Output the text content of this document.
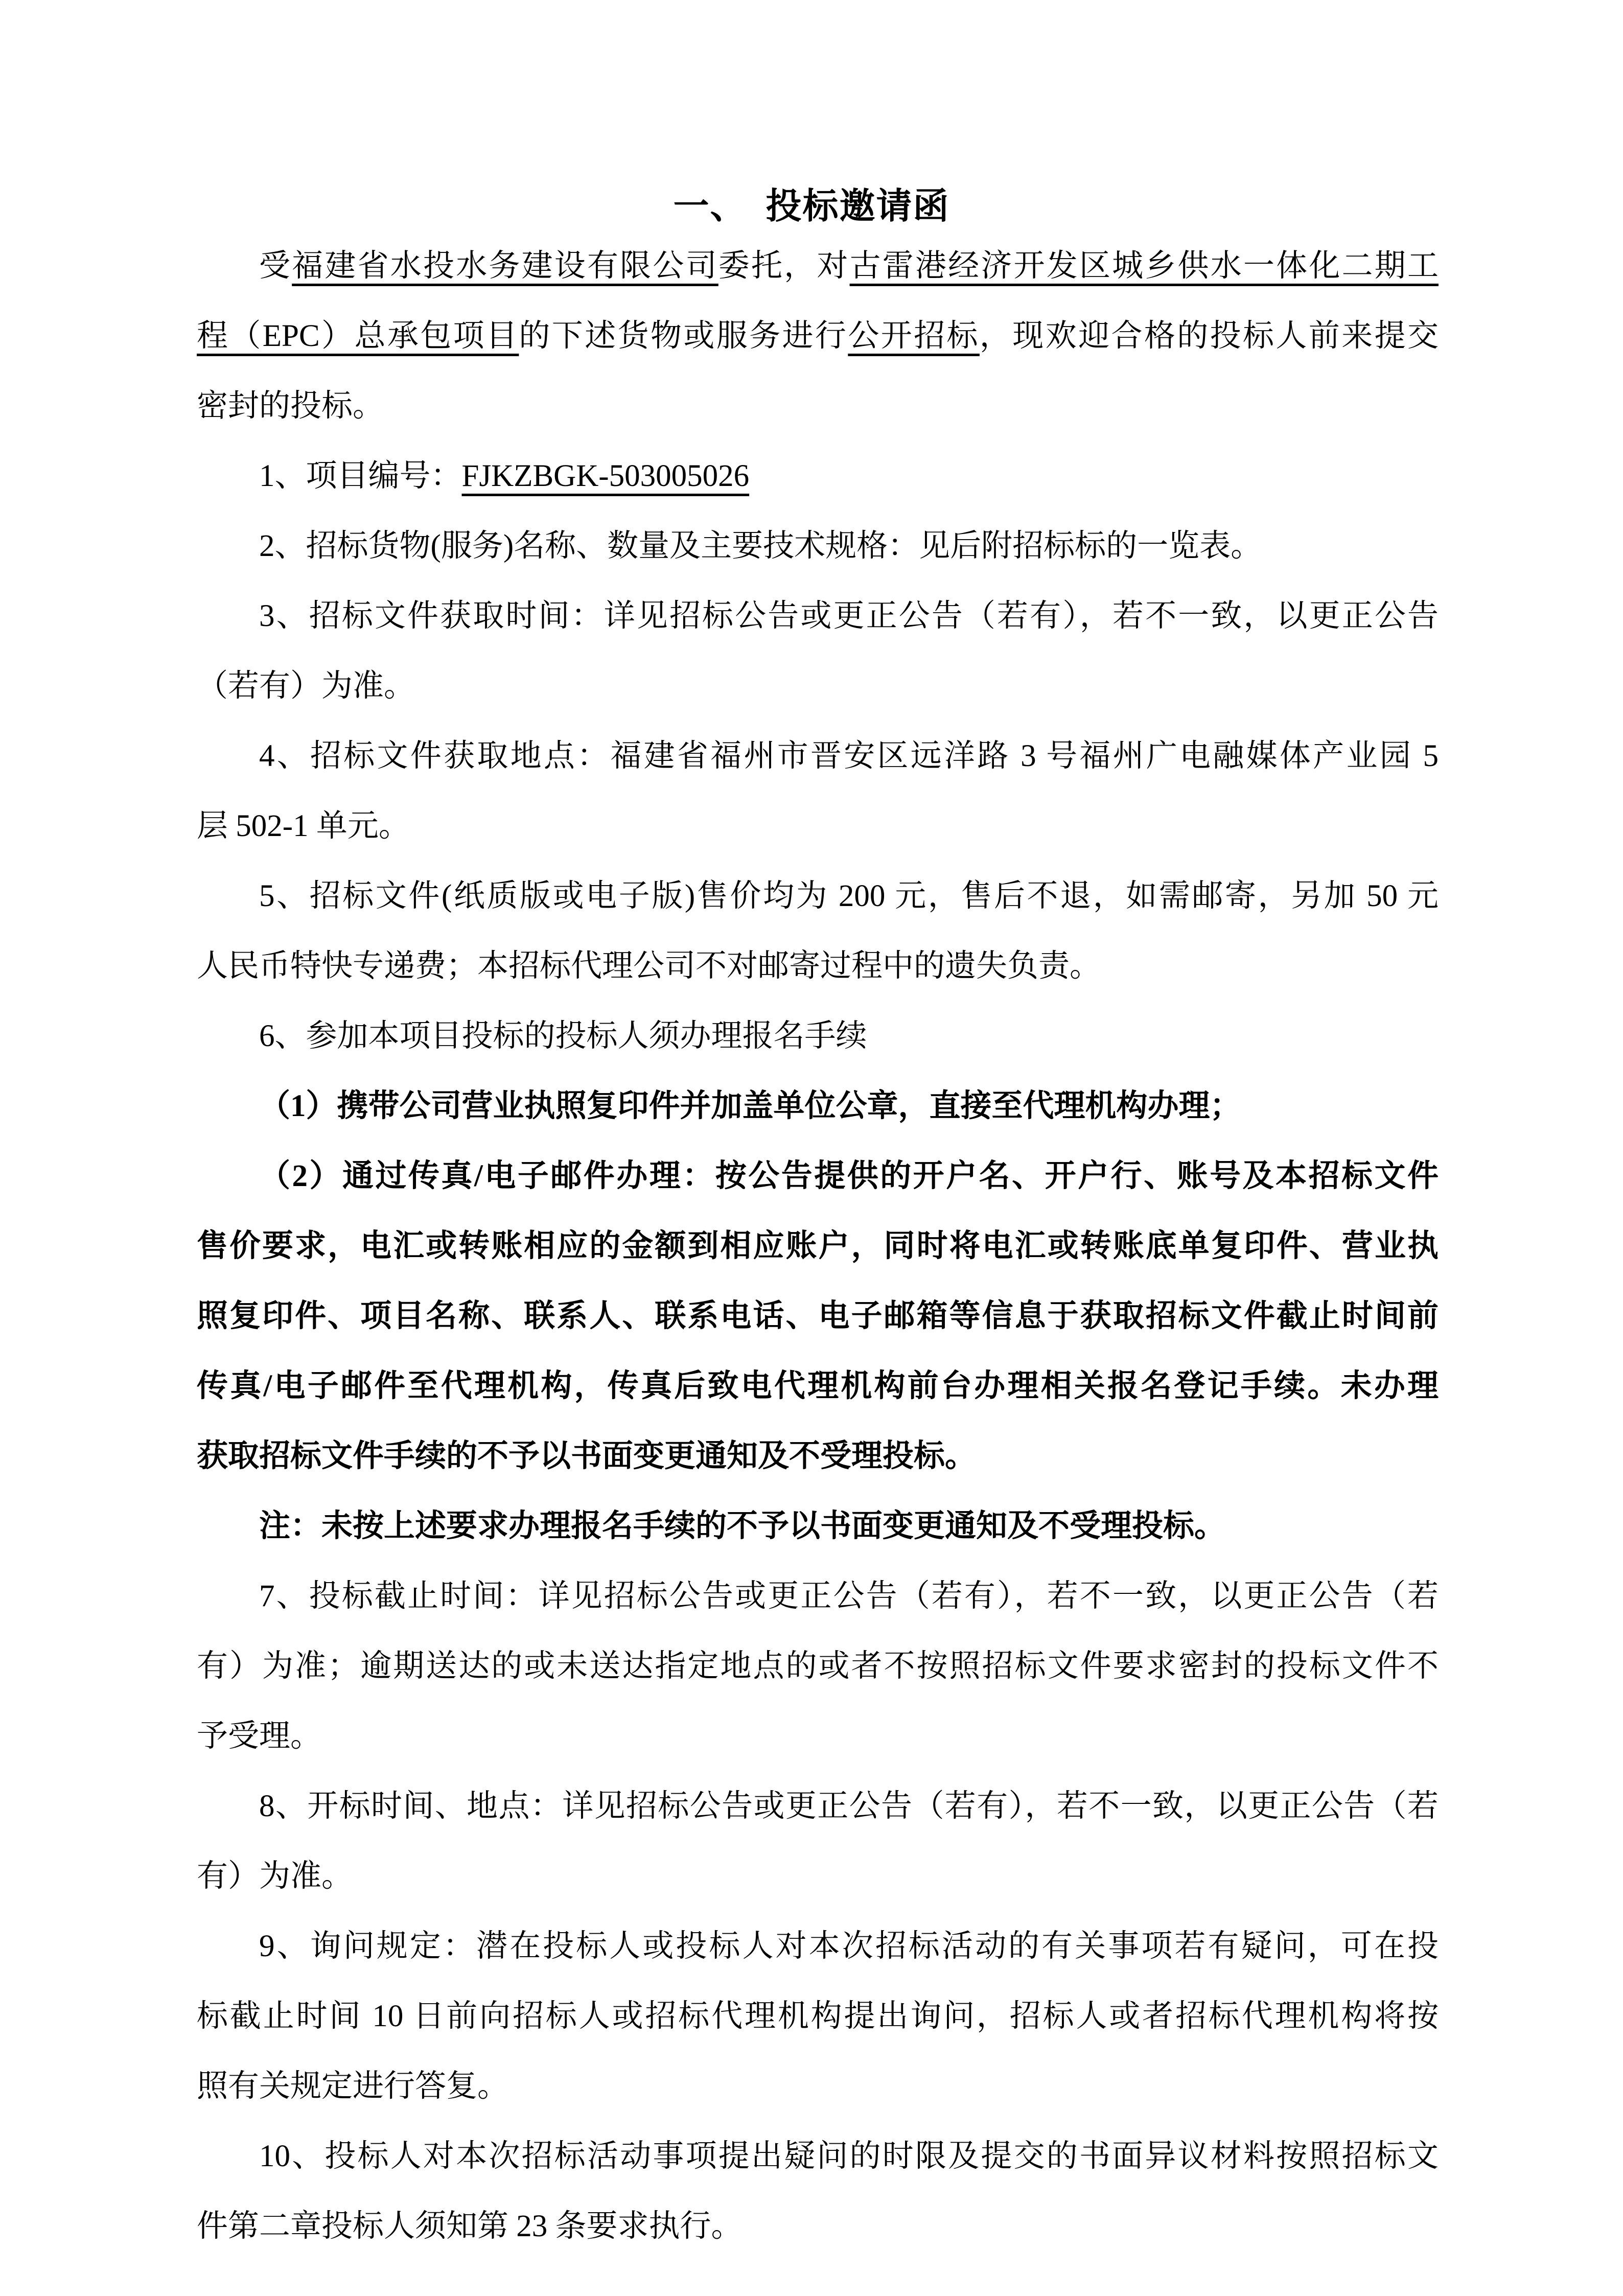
一、　投标邀请函
受福建省水投水务建设有限公司委托，对古雷港经济开发区城乡供水一体化二期工
程（EPC）总承包项目的下述货物或服务进行公开招标，现欢迎合格的投标人前来提交
密封的投标。
1、项目编号：FJKZBGK-503005026
2、招标货物(服务)名称、数量及主要技术规格：见后附招标标的一览表。
3、招标文件获取时间：详见招标公告或更正公告（若有），若不一致，以更正公告
（若有）为准。
4、招标文件获取地点：福建省福州市晋安区远洋路 3 号福州广电融媒体产业园 5
层 502-1 单元。
5、招标文件(纸质版或电子版)售价均为 200 元，售后不退，如需邮寄，另加 50 元
人民币特快专递费；本招标代理公司不对邮寄过程中的遗失负责。
6、参加本项目投标的投标人须办理报名手续
（1）携带公司营业执照复印件并加盖单位公章，直接至代理机构办理；
（2）通过传真/电子邮件办理：按公告提供的开户名、开户行、账号及本招标文件
售价要求，电汇或转账相应的金额到相应账户，同时将电汇或转账底单复印件、营业执
照复印件、项目名称、联系人、联系电话、电子邮箱等信息于获取招标文件截止时间前
传真/电子邮件至代理机构，传真后致电代理机构前台办理相关报名登记手续。未办理
获取招标文件手续的不予以书面变更通知及不受理投标。
注：未按上述要求办理报名手续的不予以书面变更通知及不受理投标。
7、投标截止时间：详见招标公告或更正公告（若有），若不一致，以更正公告（若
有）为准；逾期送达的或未送达指定地点的或者不按照招标文件要求密封的投标文件不
予受理。
8、开标时间、地点：详见招标公告或更正公告（若有），若不一致，以更正公告（若
有）为准。
9、询问规定：潜在投标人或投标人对本次招标活动的有关事项若有疑问，可在投
标截止时间 10 日前向招标人或招标代理机构提出询问，招标人或者招标代理机构将按
照有关规定进行答复。
10、投标人对本次招标活动事项提出疑问的时限及提交的书面异议材料按照招标文
件第二章投标人须知第 23 条要求执行。
